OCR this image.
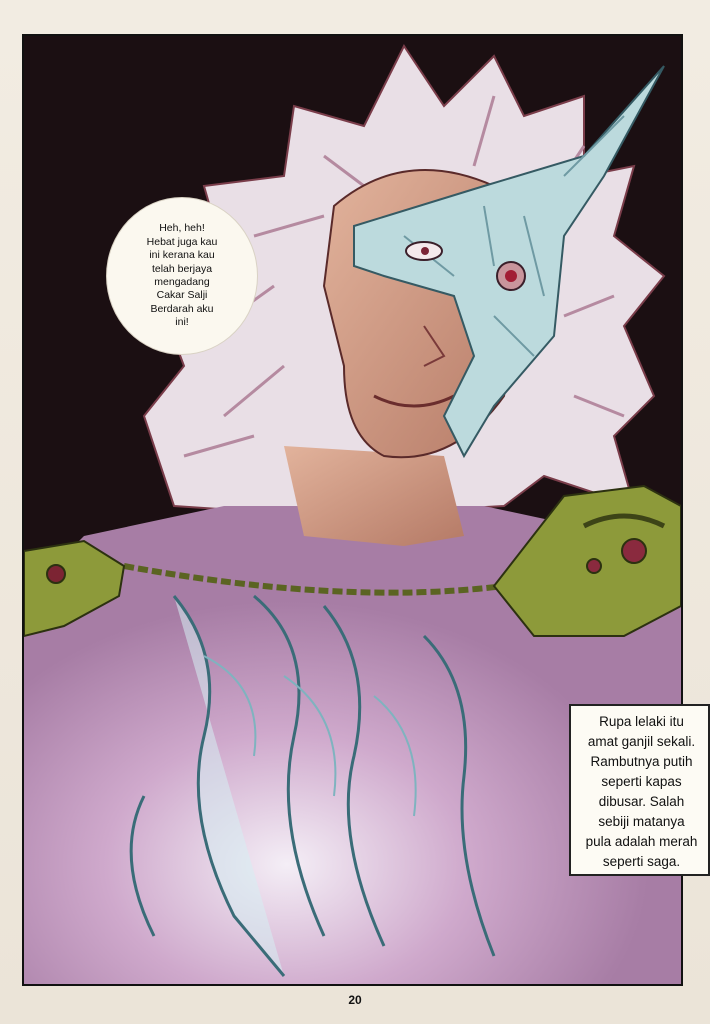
Heh, heh!
Hebat juga kau
ini kerana kau
telah berjaya
mengadang
Cakar Salji
Berdarah aku
ini!
Rupa lelaki itu
amat ganjil sekali.
Rambutnya putih
seperti kapas
dibusar. Salah
sebiji matanya
pula adalah merah
seperti saga.
20
